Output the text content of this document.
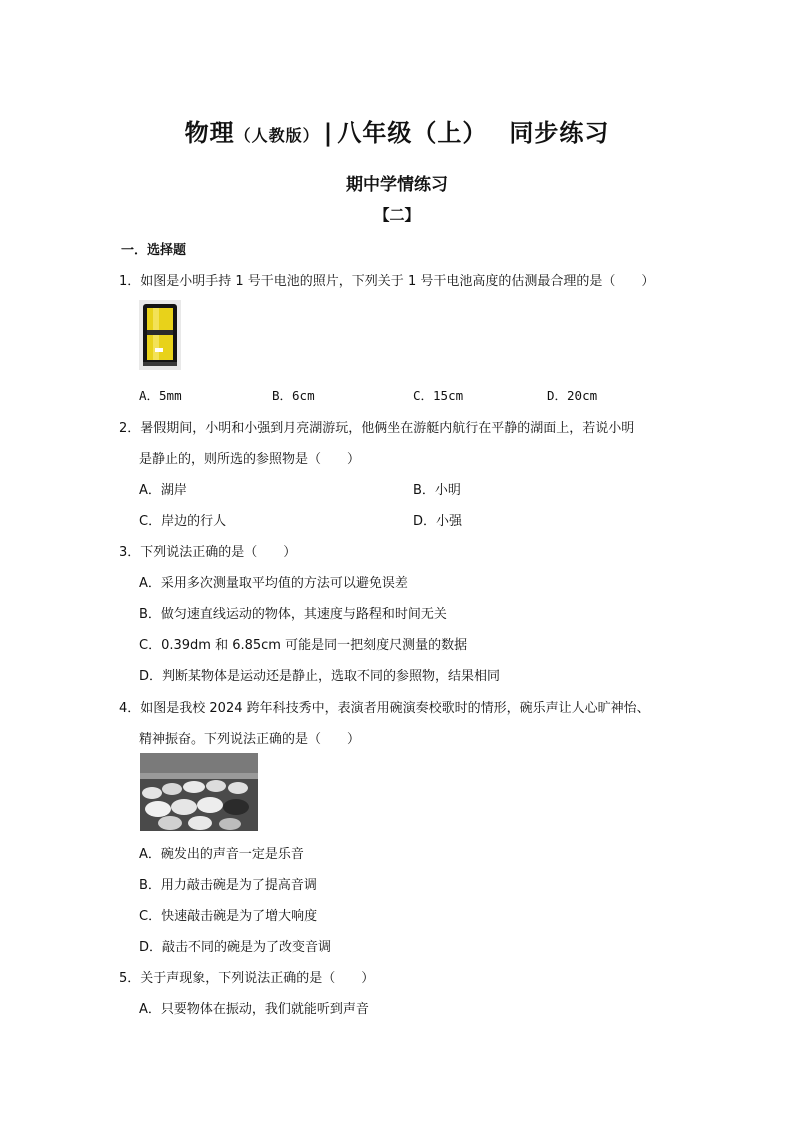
物理（人教版） | 八年级（上） 同步练习
期中学情练习
【二】
一．选择题
1．如图是小明手持 1 号干电池的照片，下列关于 1 号干电池高度的估测最合理的是（　　）
A．5mm	B．6cm	C．15cm	D．20cm
2．暑假期间，小明和小强到月亮湖游玩，他俩坐在游艇内航行在平静的湖面上，若说小明
是静止的，则所选的参照物是（　　）
A．湖岸	B．小明
C．岸边的行人	D．小强
3．下列说法正确的是（　　）
A．采用多次测量取平均值的方法可以避免误差
B．做匀速直线运动的物体，其速度与路程和时间无关
C．0.39dm 和 6.85cm 可能是同一把刻度尺测量的数据
D．判断某物体是运动还是静止，选取不同的参照物，结果相同
4．如图是我校 2024 跨年科技秀中，表演者用碗演奏校歌时的情形，碗乐声让人心旷神怡、
精神振奋。下列说法正确的是（　　）
A．碗发出的声音一定是乐音
B．用力敲击碗是为了提高音调
C．快速敲击碗是为了增大响度
D．敲击不同的碗是为了改变音调
5．关于声现象，下列说法正确的是（　　）
A．只要物体在振动，我们就能听到声音
